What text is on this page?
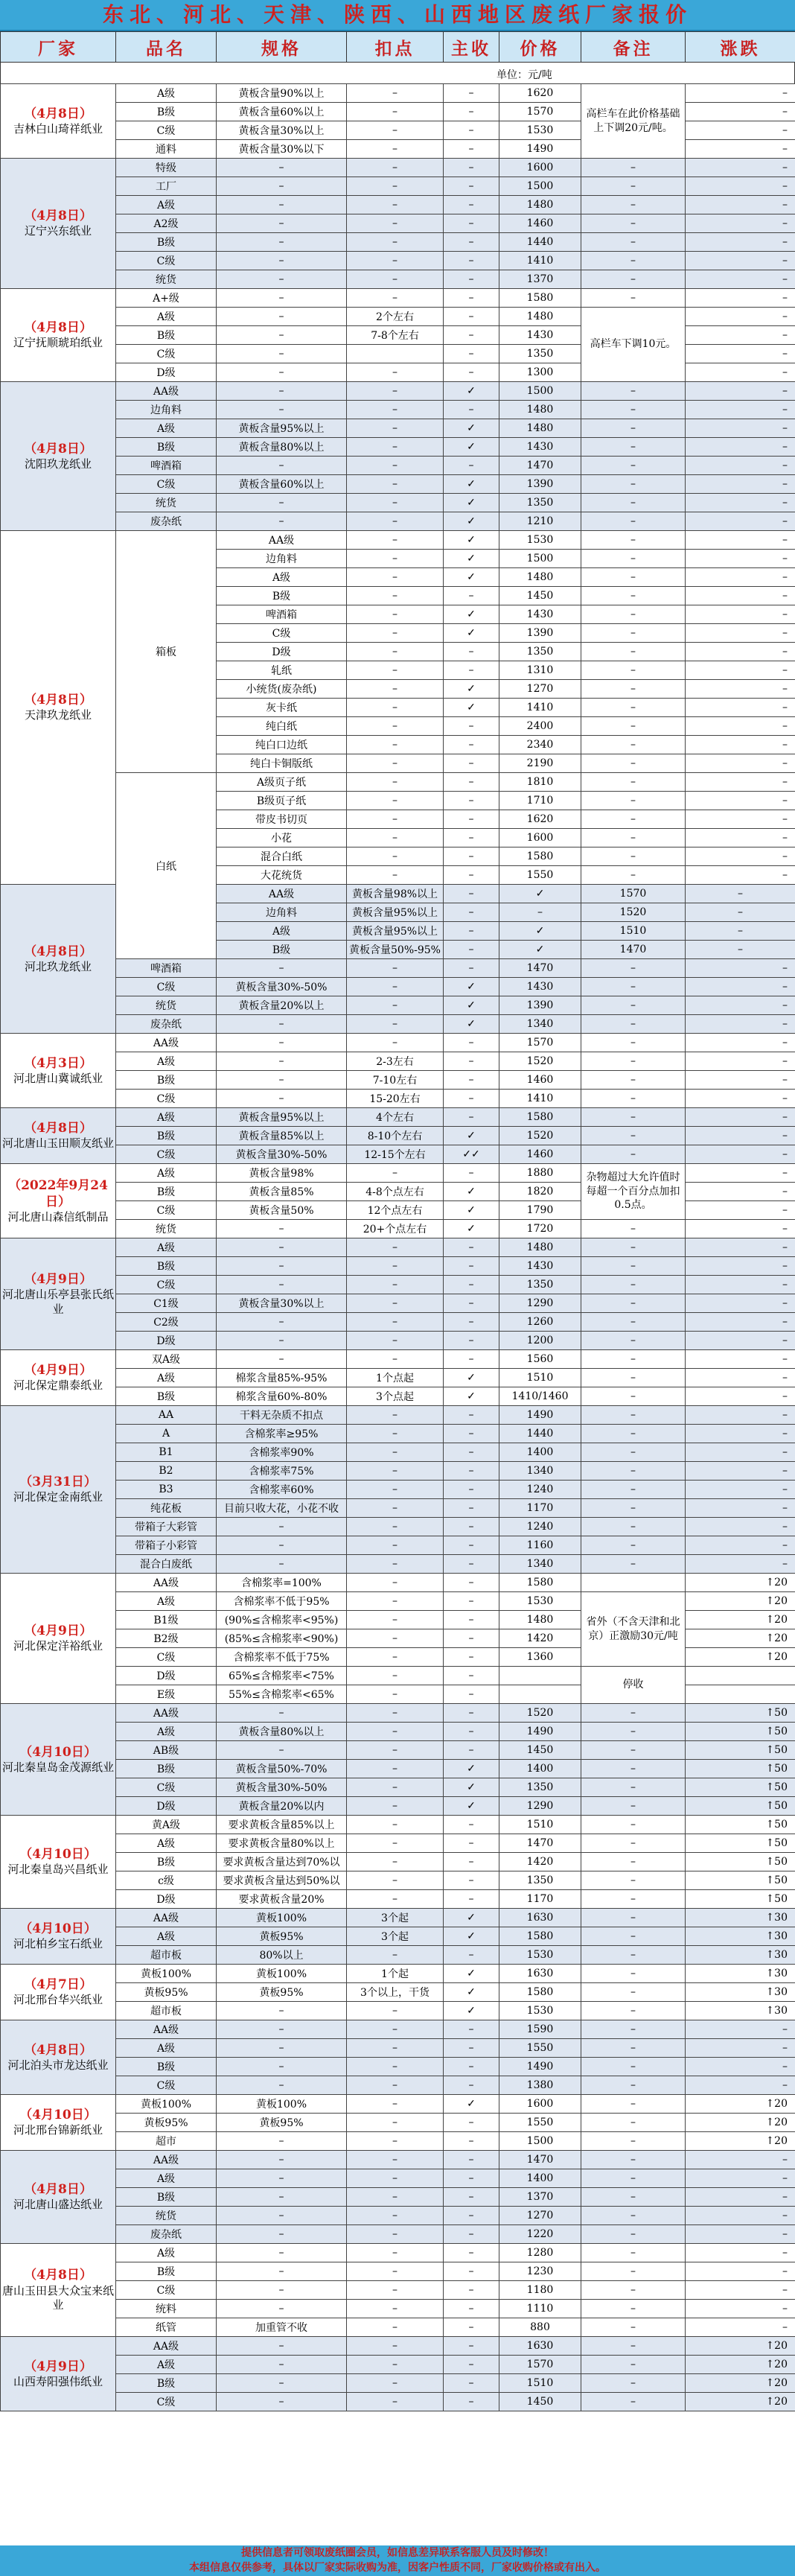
东北、河北、天津、陕西、山西地区废纸厂家报价
厂家	品名	规格	扣点	主收	价格	备注	涨跌
单位：元/吨
（4月8日）
吉林白山琦祥纸业	A级	黄板含量90%以上	–	–	1620	高栏车在此价格基础上下调20元/吨。	–	
	B级	黄板含量60%以上	–	–	1570		–	
	C级	黄板含量30%以上	–	–	1530		–	
	通料	黄板含量30%以下	–	–	1490		–	

（4月8日）
辽宁兴东纸业	特级	–	–	–	1600	–	–	
	工厂	–	–	–	1500	–	–	
	A级	–	–	–	1480	–	–	
	A2级	–	–	–	1460	–	–	
	B级	–	–	–	1440	–	–	
	C级	–	–	–	1410	–	–	
	统货	–	–	–	1370	–	–	

（4月8日）
辽宁抚顺琥珀纸业	A+级	–	–	–	1580	–	–	
	A级	–	2个左右	–	1480	高栏车下调10元。	–	
	B级	–	7-8个左右	–	1430		–	
	C级	–		–	1350		–	
	D级	–	–	–	1300		–	

（4月8日）
沈阳玖龙纸业	AA级	–	–	✓	1500	–	–	
	边角料	–	–	–	1480	–	–	
	A级	黄板含量95%以上	–	✓	1480	–	–	
	B级	黄板含量80%以上	–	✓	1430	–	–	
	啤酒箱	–	–	–	1470	–	–	
	C级	黄板含量60%以上	–	✓	1390	–	–	
	统货	–	–	✓	1350	–	–	
	废杂纸	–	–	✓	1210	–	–	

（4月8日）
天津玖龙纸业	箱板	AA级	–	✓	1530	–	–	
		边角料	–	✓	1500	–	–	
		A级	–	✓	1480	–	–	
		B级	–	–	1450	–	–	
		啤酒箱	–	✓	1430	–	–	
		C级	–	✓	1390	–	–	
		D级	–	–	1350	–	–	
		轧纸	–	–	1310	–	–	
		小统货(废杂纸)	–	✓	1270	–	–	
		灰卡纸	–	✓	1410	–	–	
		纯白纸	–	–	2400	–	–	
		纯白口边纸	–	–	2340	–	–	
		纯白卡铜版纸	–	–	2190	–	–	
	白纸	A级页子纸	–	–	1810	–	–	
		B级页子纸	–	–	1710	–	–	
		带皮书切页	–	–	1620	–	–	
		小花	–	–	1600	–	–	
		混合白纸	–	–	1580	–	–	
		大花统货	–	–	1550	–	–	

（4月8日）
河北玖龙纸业		AA级	黄板含量98%以上	–	✓	1570	–	
		边角料	黄板含量95%以上	–	–	1520	–	
		A级	黄板含量95%以上	–	✓	1510	–	
		B级	黄板含量50%-95%	–	✓	1470	–	
	啤酒箱	–	–	–	1470	–	–	
	C级	黄板含量30%-50%	–	✓	1430	–	–	
	统货	黄板含量20%以上	–	✓	1390	–	–	
	废杂纸	–	–	✓	1340	–	–	

（4月3日）
河北唐山冀诚纸业	AA级	–	–	–	1570	–	–	
	A级	–	2-3左右	–	1520	–	–	
	B级	–	7-10左右	–	1460	–	–	
	C级	–	15-20左右	–	1410	–	–	

（4月8日）
河北唐山玉田顺友纸业	A级	黄板含量95%以上	4个左右	–	1580	–	–	
	B级	黄板含量85%以上	8-10个左右	✓	1520	–	–	
	C级	黄板含量30%-50%	12-15个左右	✓✓	1460	–	–	

（2022年9月24日）
河北唐山森信纸制品	A级	黄板含量98%	–	–	1880	杂物超过大允许值时每超一个百分点加扣0.5点。	–	
	B级	黄板含量85%	4-8个点左右	✓	1820		–	
	C级	黄板含量50%	12个点左右	✓	1790		–	
	统货	–	20+个点左右	✓	1720	–	–	

（4月9日）
河北唐山乐亭县张氏纸业	A级	–	–	–	1480	–	–	
	B级	–	–	–	1430	–	–	
	C级	–	–	–	1350	–	–	
	C1级	黄板含量30%以上	–	–	1290	–	–	
	C2级	–	–	–	1260	–	–	
	D级	–	–	–	1200	–	–	

（4月9日）
河北保定鼎泰纸业	双A级	–	–	–	1560	–	–	
	A级	棉浆含量85%-95%	1个点起	✓	1510	–	–	
	B级	棉浆含量60%-80%	3个点起	✓	1410/1460	–	–	

（3月31日）
河北保定金南纸业	AA	干料无杂质不扣点	–	–	1490	–	–	
	A	含棉浆率≥95%	–	–	1440	–	–	
	B1	含棉浆率90%	–	–	1400	–	–	
	B2	含棉浆率75%	–	–	1340	–	–	
	B3	含棉浆率60%	–	–	1240	–	–	
	纯花板	目前只收大花，小花不收	–	–	1170	–	–	
	带箱子大彩管	–	–	–	1240	–	–	
	带箱子小彩管	–	–	–	1160	–	–	
	混合白废纸	–	–	–	1340	–	–	

（4月9日）
河北保定洋裕纸业	AA级	含棉浆率=100%	–	–	1580		↑20	
	A级	含棉浆率不低于95%	–	–	1530	省外（不含天津和北京）正激励30元/吨	↑20	
	B1级	(90%≤含棉浆率<95%)	–	–	1480		↑20	
	B2级	(85%≤含棉浆率<90%)	–	–	1420		↑20	
	C级	含棉浆率不低于75%	–	–	1360		↑20	
	D级	65%≤含棉浆率<75%	–	–		停收		
	E级	55%≤含棉浆率<65%	–	–				

（4月10日）
河北秦皇岛金茂源纸业	AA级	–	–	–	1520	–	↑50	
	A级	黄板含量80%以上	–	–	1490	–	↑50	
	AB级	–	–	–	1450	–	↑50	
	B级	黄板含量50%-70%	–	✓	1400	–	↑50	
	C级	黄板含量30%-50%	–	✓	1350	–	↑50	
	D级	黄板含量20%以内	–	✓	1290	–	↑50	

（4月10日）
河北秦皇岛兴昌纸业	黄A级	要求黄板含量85%以上	–	–	1510	–	↑50	
	A级	要求黄板含量80%以上	–	–	1470	–	↑50	
	B级	要求黄板含量达到70%以	–	–	1420	–	↑50	
	c级	要求黄板含量达到50%以	–	–	1350	–	↑50	
	D级	要求黄板含量20%	–	–	1170	–	↑50	

（4月10日）
河北柏乡宝石纸业	AA级	黄板100%	3个起	✓	1630	–	↑30	
	A级	黄板95%	3个起	✓	1580	–	↑30	
	超市板	80%以上	–	–	1530	–	↑30	

（4月7日）
河北邢台华兴纸业	黄板100%	黄板100%	1个起	✓	1630	–	↑30	
	黄板95%	黄板95%	3个以上，干货	✓	1580	–	↑30	
	超市板	–	–	✓	1530	–	↑30	

（4月8日）
河北泊头市龙达纸业	AA级	–	–	–	1590	–	–	
	A级	–	–	–	1550	–	–	
	B级	–	–	–	1490	–	–	
	C级	–	–	–	1380	–	–	

（4月10日）
河北邢台锦新纸业	黄板100%	黄板100%	–	✓	1600	–	↑20	
	黄板95%	黄板95%	–	–	1550	–	↑20	
	超市	–	–	–	1500	–	↑20	

（4月8日）
河北唐山盛达纸业	AA级	–	–	–	1470	–	–	
	A级	–	–	–	1400	–	–	
	B级	–	–	–	1370	–	–	
	统货	–	–	–	1270	–	–	
	废杂纸	–	–	–	1220	–	–	

（4月8日）
唐山玉田县大众宝来纸业	A级	–	–	–	1280	–	–	
	B级	–	–	–	1230	–	–	
	C级	–	–	–	1180	–	–	
	统料	–	–	–	1110	–	–	
	纸管	加重管不收	–	–	880	–	–	

（4月9日）
山西寿阳强伟纸业	AA级	–	–	–	1630	–	↑20	
	A级	–	–	–	1570	–	↑20	
	B级	–	–	–	1510	–	↑20	
	C级	–	–	–	1450	–	↑20	
提供信息者可领取废纸圈会员，如信息差异联系客服人员及时修改！
本组信息仅供参考，具体以厂家实际收购为准，因客户性质不同，厂家收购价格或有出入。
